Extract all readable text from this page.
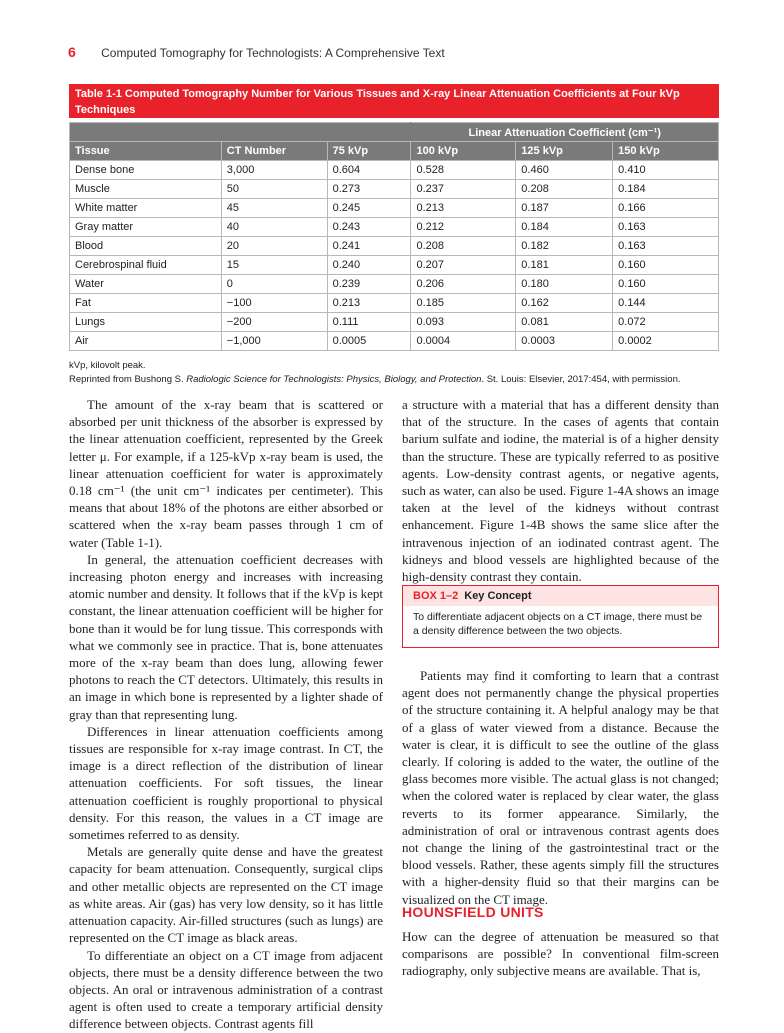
6 Computed Tomography for Technologists: A Comprehensive Text
Table 1-1 Computed Tomography Number for Various Tissues and X-ray Linear Attenuation Coefficients at Four kVp Techniques
			Linear Attenuation Coefficient (cm⁻¹)		
Tissue	CT Number	75 kVp	100 kVp	125 kVp	150 kVp
Dense bone	3,000	0.604	0.528	0.460	0.410
Muscle	50	0.273	0.237	0.208	0.184
White matter	45	0.245	0.213	0.187	0.166
Gray matter	40	0.243	0.212	0.184	0.163
Blood	20	0.241	0.208	0.182	0.163
Cerebrospinal fluid	15	0.240	0.207	0.181	0.160
Water	0	0.239	0.206	0.180	0.160
Fat	−100	0.213	0.185	0.162	0.144
Lungs	−200	0.111	0.093	0.081	0.072
Air	−1,000	0.0005	0.0004	0.0003	0.0002
kVp, kilovolt peak.
Reprinted from Bushong S. Radiologic Science for Technologists: Physics, Biology, and Protection. St. Louis: Elsevier, 2017:454, with permission.

The amount of the x-ray beam that is scattered or absorbed per unit thickness of the absorber is expressed by the linear attenuation coefficient, represented by the Greek letter μ. For example, if a 125-kVp x-ray beam is used, the linear attenuation coefficient for water is approximately 0.18 cm⁻¹ (the unit cm⁻¹ indicates per centimeter). This means that about 18% of the photons are either absorbed or scattered when the x-ray beam passes through 1 cm of water (Table 1-1).

In general, the attenuation coefficient decreases with increasing photon energy and increases with increasing atomic number and density. It follows that if the kVp is kept constant, the linear attenuation coefficient will be higher for bone than it would be for lung tissue. This corresponds with what we commonly see in practice. That is, bone attenuates more of the x-ray beam than does lung, allowing fewer photons to reach the CT detectors. Ultimately, this results in an image in which bone is represented by a lighter shade of gray than that representing lung.

Differences in linear attenuation coefficients among tissues are responsible for x-ray image contrast. In CT, the image is a direct reflection of the distribution of linear attenuation coefficients. For soft tissues, the linear attenuation coefficient is roughly proportional to physical density. For this reason, the values in a CT image are sometimes referred to as density.

Metals are generally quite dense and have the greatest capacity for beam attenuation. Consequently, surgical clips and other metallic objects are represented on the CT image as white areas. Air (gas) has very low density, so it has little attenuation capacity. Air-filled structures (such as lungs) are represented on the CT image as black areas.

To differentiate an object on a CT image from adjacent objects, there must be a density difference between the two objects. An oral or intravenous administration of a contrast agent is often used to create a temporary artificial density difference between objects. Contrast agents fill

a structure with a material that has a different density than that of the structure. In the cases of agents that contain barium sulfate and iodine, the material is of a higher density than the structure. These are typically referred to as positive agents. Low-density contrast agents, or negative agents, such as water, can also be used. Figure 1-4A shows an image taken at the level of the kidneys without contrast enhancement. Figure 1-4B shows the same slice after the intravenous injection of an iodinated contrast agent. The kidneys and blood vessels are highlighted because of the high-density contrast they contain.

BOX 1–2 Key Concept
To differentiate adjacent objects on a CT image, there must be a density difference between the two objects.

Patients may find it comforting to learn that a contrast agent does not permanently change the physical properties of the structure containing it. A helpful analogy may be that of a glass of water viewed from a distance. Because the water is clear, it is difficult to see the outline of the glass clearly. If coloring is added to the water, the outline of the glass becomes more visible. The actual glass is not changed; when the colored water is replaced by clear water, the glass reverts to its former appearance. Similarly, the administration of oral or intravenous contrast agents does not change the lining of the gastrointestinal tract or the blood vessels. Rather, these agents simply fill the structures with a higher-density fluid so that their margins can be visualized on the CT image.

HOUNSFIELD UNITS

How can the degree of attenuation be measured so that comparisons are possible? In conventional film-screen radiography, only subjective means are available. That is,
